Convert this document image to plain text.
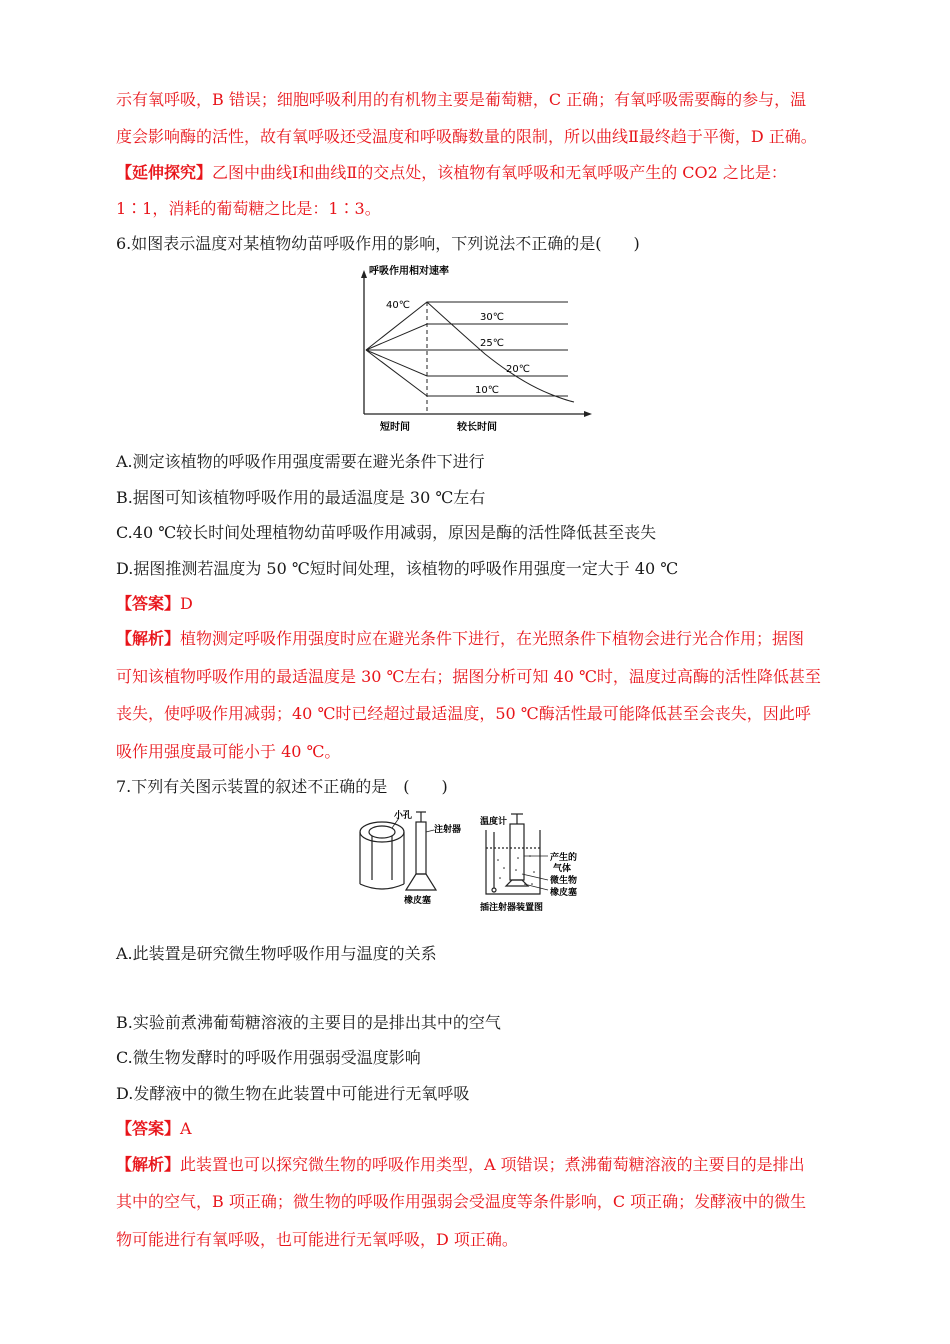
示有氧呼吸，B 错误；细胞呼吸利用的有机物主要是葡萄糖，C 正确；有氧呼吸需要酶的参与，温
度会影响酶的活性，故有氧呼吸还受温度和呼吸酶数量的限制，所以曲线Ⅱ最终趋于平衡，D 正确。
【延伸探究】乙图中曲线Ⅰ和曲线Ⅱ的交点处，该植物有氧呼吸和无氧呼吸产生的 CO2 之比是：
1∶1，消耗的葡萄糖之比是：1∶3。
6.如图表示温度对某植物幼苗呼吸作用的影响，下列说法不正确的是(　　)
呼吸作用相对速率
40℃
30℃
25℃
20℃
10℃
短时间	较长时间
A.测定该植物的呼吸作用强度需要在避光条件下进行
B.据图可知该植物呼吸作用的最适温度是 30 ℃左右
C.40 ℃较长时间处理植物幼苗呼吸作用减弱，原因是酶的活性降低甚至丧失
D.据图推测若温度为 50 ℃短时间处理，该植物的呼吸作用强度一定大于 40 ℃
【答案】D
【解析】植物测定呼吸作用强度时应在避光条件下进行，在光照条件下植物会进行光合作用；据图
可知该植物呼吸作用的最适温度是 30 ℃左右；据图分析可知 40 ℃时，温度过高酶的活性降低甚至
丧失，使呼吸作用减弱；40 ℃时已经超过最适温度，50 ℃酶活性最可能降低甚至会丧失，因此呼
吸作用强度最可能小于 40 ℃。
7.下列有关图示装置的叙述不正确的是　(　　)
小孔
注射器
橡皮塞
温度计
产生的
气体
微生物
橡皮塞
插注射器装置图
A.此装置是研究微生物呼吸作用与温度的关系
B.实验前煮沸葡萄糖溶液的主要目的是排出其中的空气
C.微生物发酵时的呼吸作用强弱受温度影响
D.发酵液中的微生物在此装置中可能进行无氧呼吸
【答案】A
【解析】此装置也可以探究微生物的呼吸作用类型，A 项错误；煮沸葡萄糖溶液的主要目的是排出
其中的空气，B 项正确；微生物的呼吸作用强弱会受温度等条件影响，C 项正确；发酵液中的微生
物可能进行有氧呼吸，也可能进行无氧呼吸，D 项正确。
